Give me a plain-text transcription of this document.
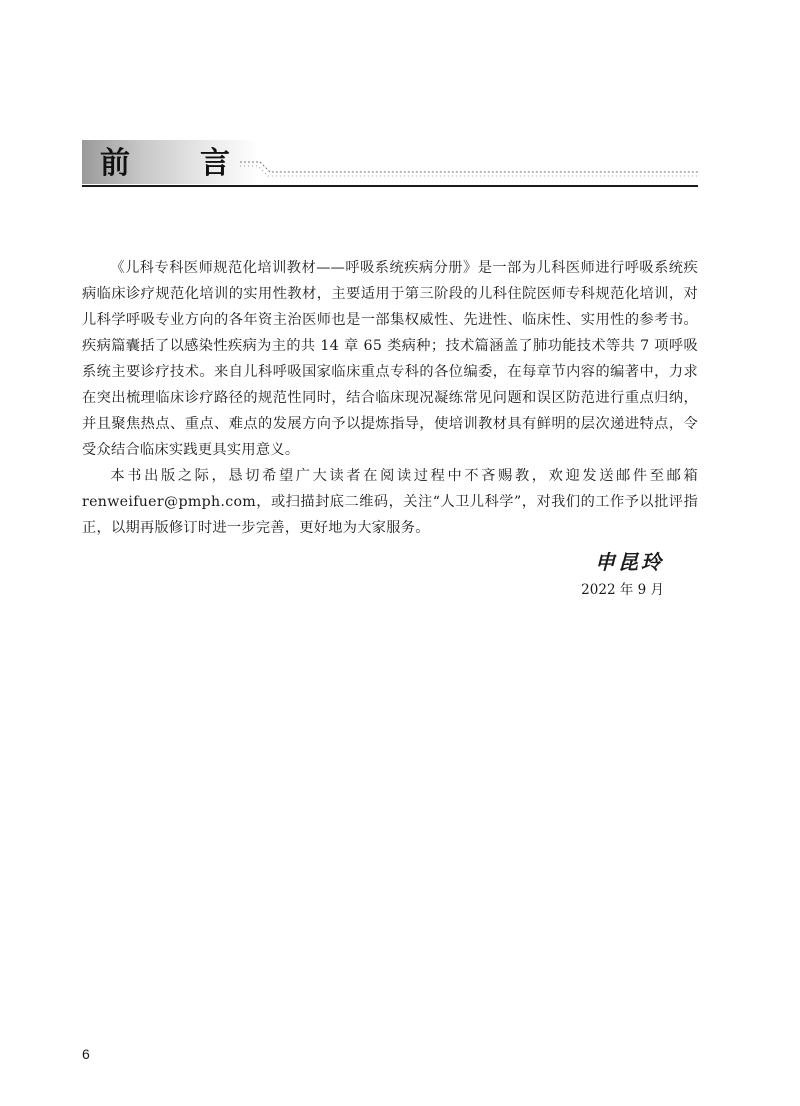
前 言

《儿科专科医师规范化培训教材——呼吸系统疾病分册》是一部为儿科医师进行呼吸系统疾病临床诊疗规范化培训的实用性教材，主要适用于第三阶段的儿科住院医师专科规范化培训，对儿科学呼吸专业方向的各年资主治医师也是一部集权威性、先进性、临床性、实用性的参考书。疾病篇囊括了以感染性疾病为主的共 14 章 65 类病种；技术篇涵盖了肺功能技术等共 7 项呼吸系统主要诊疗技术。来自儿科呼吸国家临床重点专科的各位编委，在每章节内容的编著中，力求在突出梳理临床诊疗路径的规范性同时，结合临床现况凝练常见问题和误区防范进行重点归纳，并且聚焦热点、重点、难点的发展方向予以提炼指导，使培训教材具有鲜明的层次递进特点，令受众结合临床实践更具实用意义。

本书出版之际，恳切希望广大读者在阅读过程中不吝赐教，欢迎发送邮件至邮箱 renweifuer@pmph.com，或扫描封底二维码，关注“人卫儿科学”，对我们的工作予以批评指正，以期再版修订时进一步完善，更好地为大家服务。

申昆玲
2022 年 9 月
6
